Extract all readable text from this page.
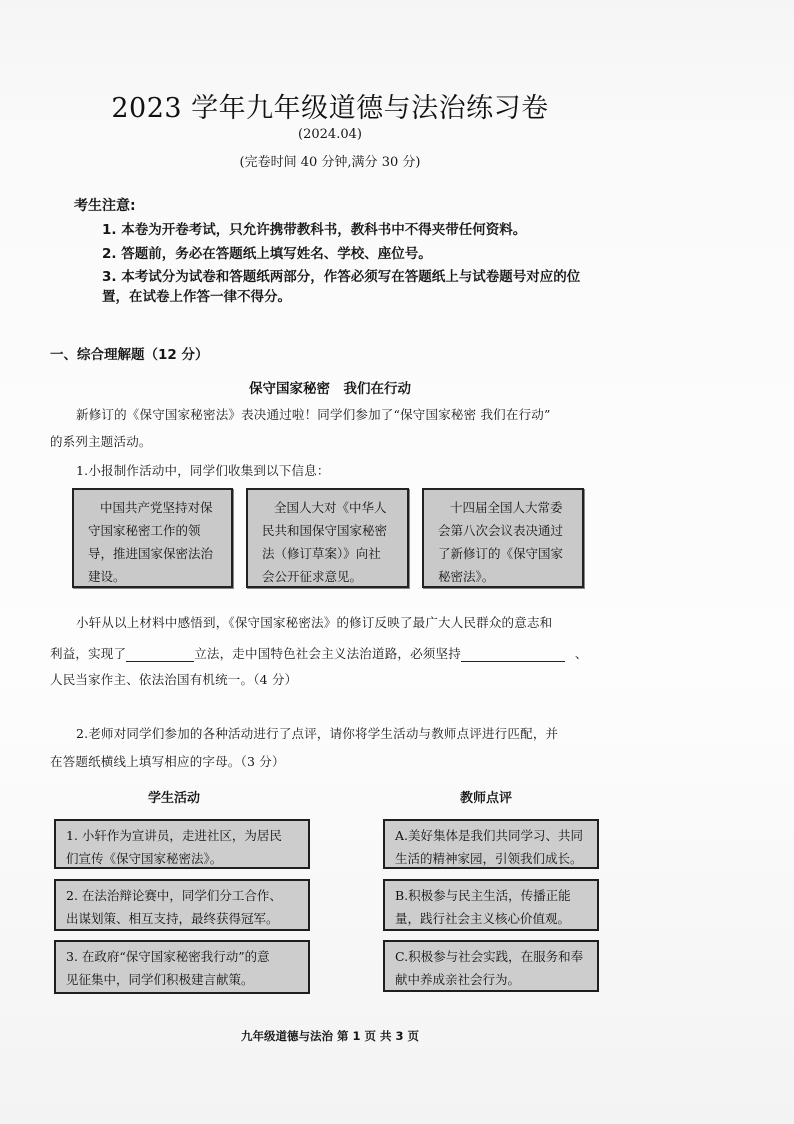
2023 学年九年级道德与法治练习卷
(2024.04)
(完卷时间 40 分钟,满分 30 分)
考生注意:
1. 本卷为开卷考试，只允许携带教科书，教科书中不得夹带任何资料。
2. 答题前，务必在答题纸上填写姓名、学校、座位号。
3. 本考试分为试卷和答题纸两部分，作答必须写在答题纸上与试卷题号对应的位
置，在试卷上作答一律不得分。
一、综合理解题（12 分）
保守国家秘密　我们在行动
新修订的《保守国家秘密法》表决通过啦！同学们参加了“保守国家秘密 我们在行动”
的系列主题活动。
1.小报制作活动中，同学们收集到以下信息：
中国共产党坚持对保
守国家秘密工作的领
导，推进国家保密法治
建设。
全国人大对《中华人
民共和国保守国家秘密
法（修订草案）》向社
会公开征求意见。
十四届全国人大常委
会第八次会议表决通过
了新修订的《保守国家
秘密法》。
小轩从以上材料中感悟到，《保守国家秘密法》的修订反映了最广大人民群众的意志和
利益，实现了	立法，走中国特色社会主义法治道路，必须坚持	、
人民当家作主、依法治国有机统一。（4 分）
2.老师对同学们参加的各种活动进行了点评，请你将学生活动与教师点评进行匹配，并
在答题纸横线上填写相应的字母。（3 分）
学生活动	教师点评
1. 小轩作为宣讲员，走进社区，为居民
们宣传《保守国家秘密法》。
2. 在法治辩论赛中，同学们分工合作、
出谋划策、相互支持，最终获得冠军。
3. 在政府“保守国家秘密我行动”的意
见征集中，同学们积极建言献策。
A.美好集体是我们共同学习、共同
生活的精神家园，引领我们成长。
B.积极参与民主生活，传播正能
量，践行社会主义核心价值观。
C.积极参与社会实践，在服务和奉
献中养成亲社会行为。
九年级道德与法治 第 1 页 共 3 页
